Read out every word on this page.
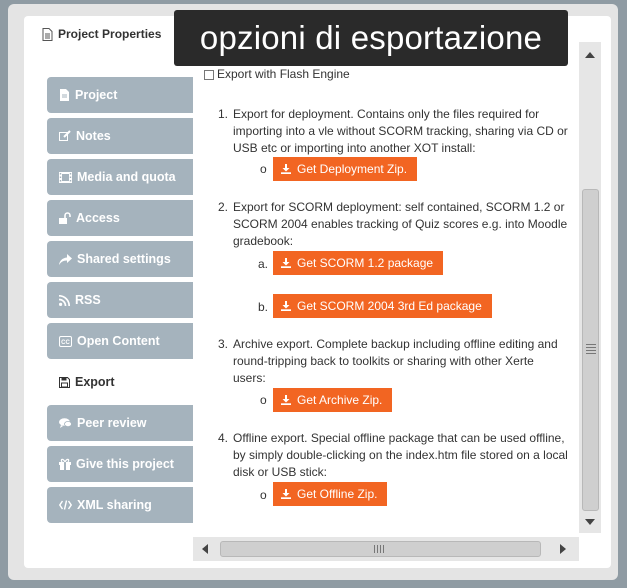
Project Properties
Project
Notes
Media and quota
Access
Shared settings
RSS
CC Open Content
Export
Peer review
Give this project
XML sharing
Export with Flash Engine
1. Export for deployment. Contains only the files required for importing into a vle without SCORM tracking, sharing via CD or USB etc or importing into another XOT install:
o	Get Deployment Zip.
2. Export for SCORM deployment: self contained, SCORM 1.2 or SCORM 2004 enables tracking of Quiz scores e.g. into Moodle gradebook:
a. Get SCORM 1.2 package
b. Get SCORM 2004 3rd Ed package
3. Archive export. Complete backup including offline editing and round-tripping back to toolkits or sharing with other Xerte users:
o	Get Archive Zip.
4. Offline export. Special offline package that can be used offline, by simply double-clicking on the index.htm file stored on a local disk or USB stick:
o	Get Offline Zip.
opzioni di esportazione
